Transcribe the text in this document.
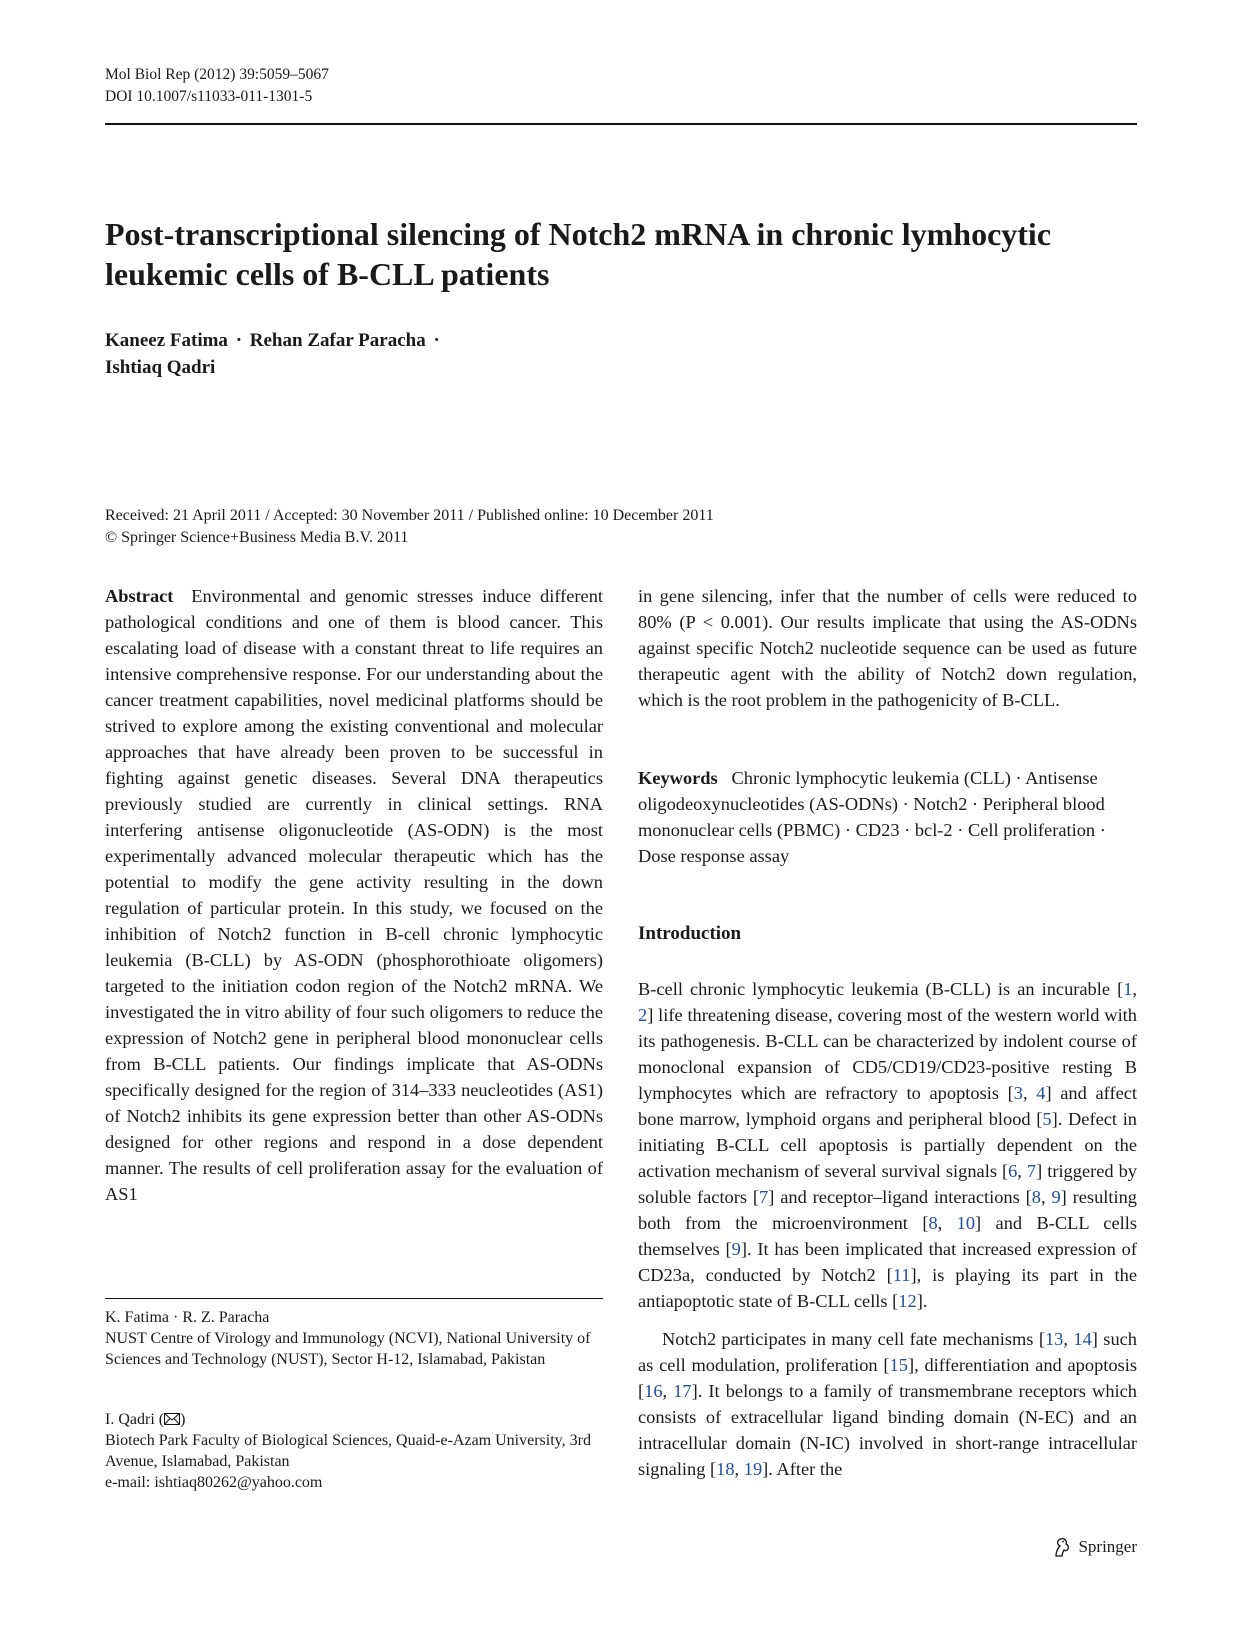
Mol Biol Rep (2012) 39:5059–5067
DOI 10.1007/s11033-011-1301-5
Post-transcriptional silencing of Notch2 mRNA in chronic lymhocytic leukemic cells of B-CLL patients
Kaneez Fatima · Rehan Zafar Paracha ·
Ishtiaq Qadri
Received: 21 April 2011 / Accepted: 30 November 2011 / Published online: 10 December 2011
© Springer Science+Business Media B.V. 2011

Abstract Environmental and genomic stresses induce different pathological conditions and one of them is blood cancer. This escalating load of disease with a constant threat to life requires an intensive comprehensive response. For our understanding about the cancer treatment capabilities, novel medicinal platforms should be strived to explore among the existing conventional and molecular approaches that have already been proven to be successful in fighting against genetic diseases. Several DNA therapeutics previously studied are currently in clinical settings. RNA interfering antisense oligonucleotide (AS-ODN) is the most experimentally advanced molecular therapeutic which has the potential to modify the gene activity resulting in the down regulation of particular protein. In this study, we focused on the inhibition of Notch2 function in B-cell chronic lymphocytic leukemia (B-CLL) by AS-ODN (phosphorothioate oligomers) targeted to the initiation codon region of the Notch2 mRNA. We investigated the in vitro ability of four such oligomers to reduce the expression of Notch2 gene in peripheral blood mononuclear cells from B-CLL patients. Our findings implicate that AS-ODNs specifically designed for the region of 314–333 neucleotides (AS1) of Notch2 inhibits its gene expression better than other AS-ODNs designed for other regions and respond in a dose dependent manner. The results of cell proliferation assay for the evaluation of AS1

in gene silencing, infer that the number of cells were reduced to 80% (P < 0.001). Our results implicate that using the AS-ODNs against specific Notch2 nucleotide sequence can be used as future therapeutic agent with the ability of Notch2 down regulation, which is the root problem in the pathogenicity of B-CLL.

Keywords Chronic lymphocytic leukemia (CLL) · Antisense oligodeoxynucleotides (AS-ODNs) · Notch2 · Peripheral blood mononuclear cells (PBMC) · CD23 · bcl-2 · Cell proliferation · Dose response assay

Introduction

B-cell chronic lymphocytic leukemia (B-CLL) is an incurable [1, 2] life threatening disease, covering most of the western world with its pathogenesis. B-CLL can be characterized by indolent course of monoclonal expansion of CD5/CD19/CD23-positive resting B lymphocytes which are refractory to apoptosis [3, 4] and affect bone marrow, lymphoid organs and peripheral blood [5]. Defect in initiating B-CLL cell apoptosis is partially dependent on the activation mechanism of several survival signals [6, 7] triggered by soluble factors [7] and receptor–ligand interactions [8, 9] resulting both from the microenvironment [8, 10] and B-CLL cells themselves [9]. It has been implicated that increased expression of CD23a, conducted by Notch2 [11], is playing its part in the antiapoptotic state of B-CLL cells [12].

Notch2 participates in many cell fate mechanisms [13, 14] such as cell modulation, proliferation [15], differentiation and apoptosis [16, 17]. It belongs to a family of transmembrane receptors which consists of extracellular ligand binding domain (N-EC) and an intracellular domain (N-IC) involved in short-range intracellular signaling [18, 19]. After the

K. Fatima · R. Z. Paracha
NUST Centre of Virology and Immunology (NCVI), National University of Sciences and Technology (NUST), Sector H-12, Islamabad, Pakistan
I. Qadri ( )
Biotech Park Faculty of Biological Sciences, Quaid-e-Azam University, 3rd Avenue, Islamabad, Pakistan
e-mail: ishtiaq80262@yahoo.com
Springer
